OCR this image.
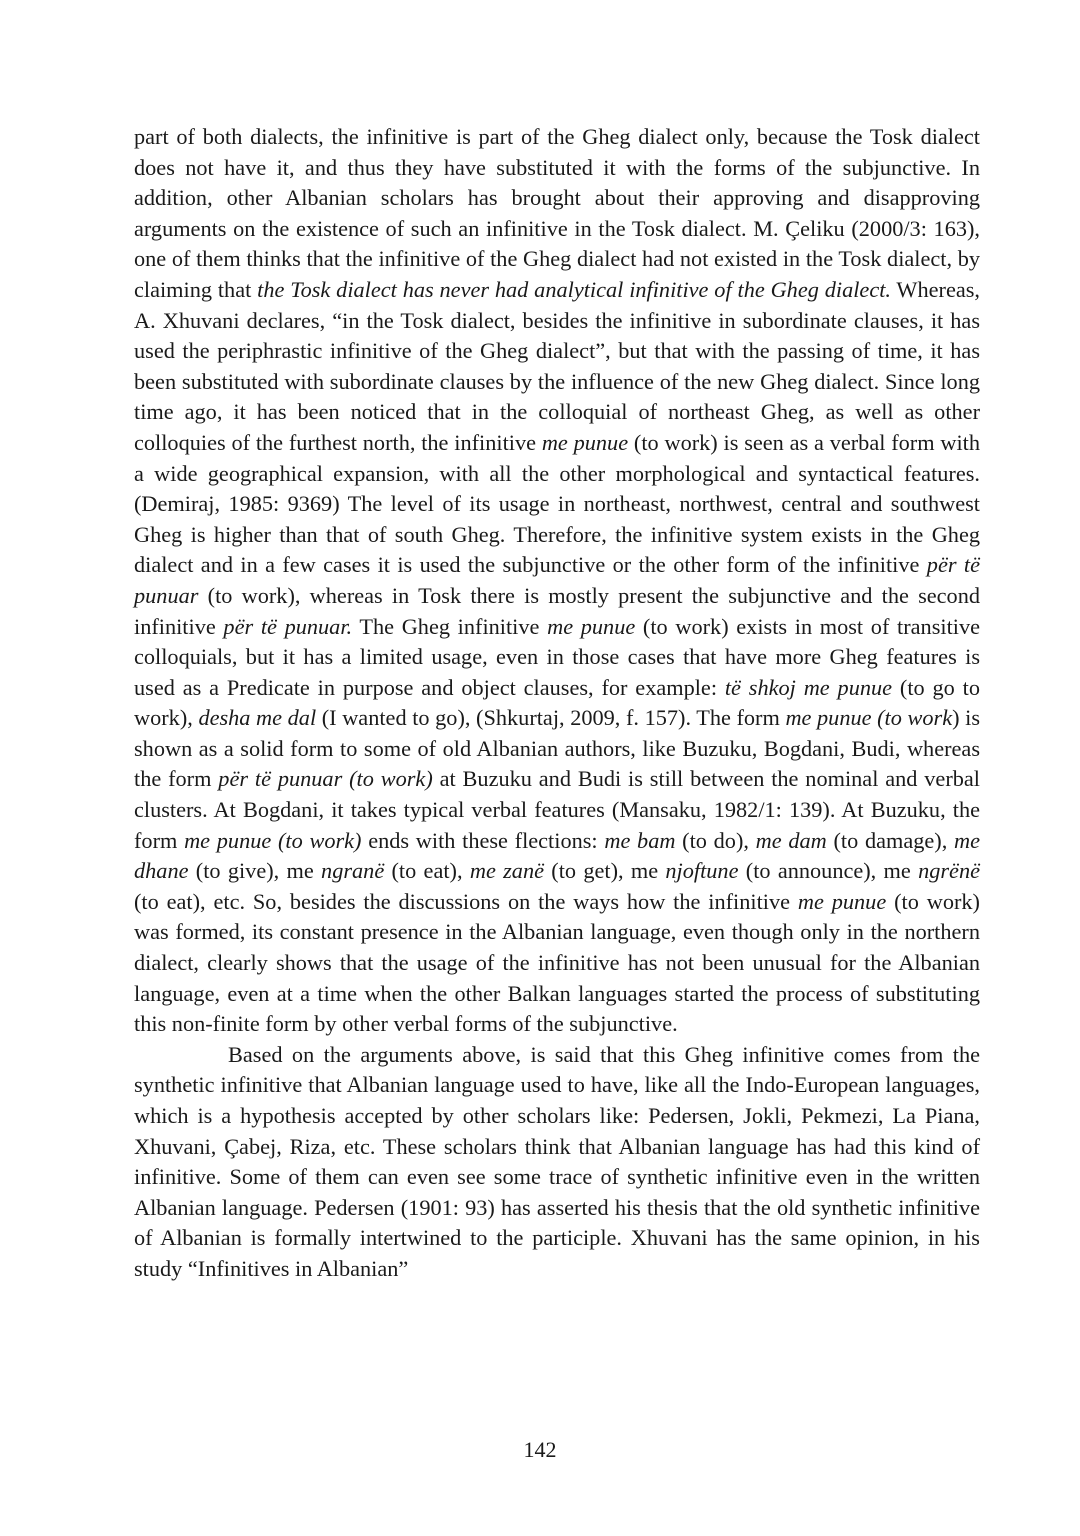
part of both dialects, the infinitive is part of the Gheg dialect only, because the Tosk dialect does not have it, and thus they have substituted it with the forms of the subjunctive. In addition, other Albanian scholars has brought about their approving and disapproving arguments on the existence of such an infinitive in the Tosk dialect. M. Çeliku (2000/3: 163), one of them thinks that the infinitive of the Gheg dialect had not existed in the Tosk dialect, by claiming that the Tosk dialect has never had analytical infinitive of the Gheg dialect. Whereas, A. Xhuvani declares, “in the Tosk dialect, besides the infinitive in subordinate clauses, it has used the periphrastic infinitive of the Gheg dialect”, but that with the passing of time, it has been substituted with subordinate clauses by the influence of the new Gheg dialect. Since long time ago, it has been noticed that in the colloquial of northeast Gheg, as well as other colloquies of the furthest north, the infinitive me punue (to work) is seen as a verbal form with a wide geographical expansion, with all the other morphological and syntactical features. (Demiraj, 1985: 9369) The level of its usage in northeast, northwest, central and southwest Gheg is higher than that of south Gheg. Therefore, the infinitive system exists in the Gheg dialect and in a few cases it is used the subjunctive or the other form of the infinitive për të punuar (to work), whereas in Tosk there is mostly present the subjunctive and the second infinitive për të punuar. The Gheg infinitive me punue (to work) exists in most of transitive colloquials, but it has a limited usage, even in those cases that have more Gheg features is used as a Predicate in purpose and object clauses, for example: të shkoj me punue (to go to work), desha me dal (I wanted to go), (Shkurtaj, 2009, f. 157). The form me punue (to work) is shown as a solid form to some of old Albanian authors, like Buzuku, Bogdani, Budi, whereas the form për të punuar (to work) at Buzuku and Budi is still between the nominal and verbal clusters. At Bogdani, it takes typical verbal features (Mansaku, 1982/1: 139). At Buzuku, the form me punue (to work) ends with these flections: me bam (to do), me dam (to damage), me dhane (to give), me ngranë (to eat), me zanë (to get), me njoftune (to announce), me ngrënë (to eat), etc. So, besides the discussions on the ways how the infinitive me punue (to work) was formed, its constant presence in the Albanian language, even though only in the northern dialect, clearly shows that the usage of the infinitive has not been unusual for the Albanian language, even at a time when the other Balkan languages started the process of substituting this non-finite form by other verbal forms of the subjunctive.

Based on the arguments above, is said that this Gheg infinitive comes from the synthetic infinitive that Albanian language used to have, like all the Indo-European languages, which is a hypothesis accepted by other scholars like: Pedersen, Jokli, Pekmezi, La Piana, Xhuvani, Çabej, Riza, etc. These scholars think that Albanian language has had this kind of infinitive. Some of them can even see some trace of synthetic infinitive even in the written Albanian language. Pedersen (1901: 93) has asserted his thesis that the old synthetic infinitive of Albanian is formally intertwined to the participle. Xhuvani has the same opinion, in his study “Infinitives in Albanian”

142
